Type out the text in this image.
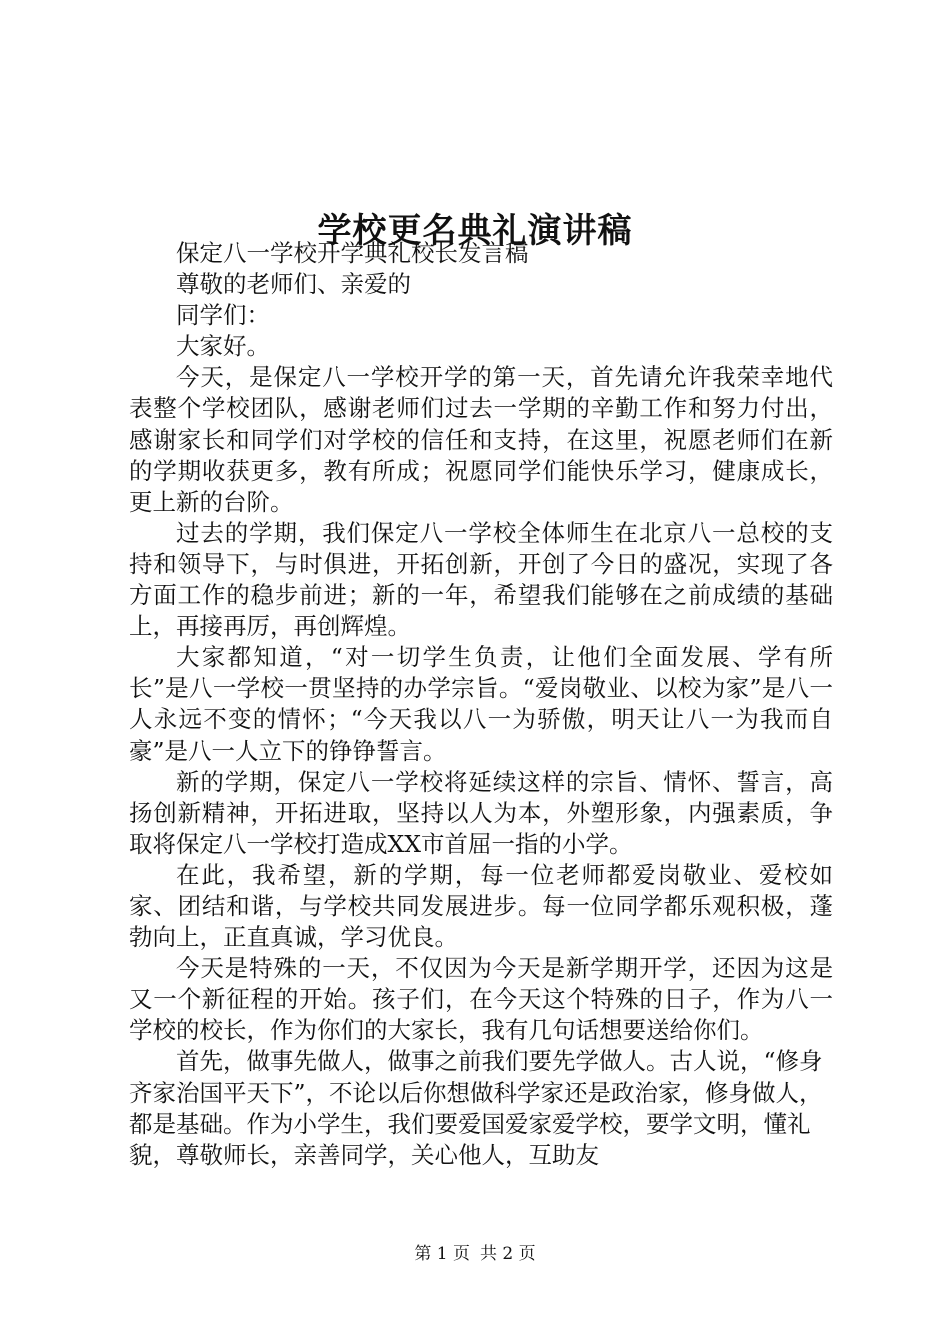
学校更名典礼演讲稿

保定八一学校开学典礼校长发言稿

尊敬的老师们、亲爱的

同学们：

大家好。

今天，是保定八一学校开学的第一天，首先请允许我荣幸地代表整个学校团队，感谢老师们过去一学期的辛勤工作和努力付出，感谢家长和同学们对学校的信任和支持，在这里，祝愿老师们在新的学期收获更多，教有所成；祝愿同学们能快乐学习，健康成长，更上新的台阶。

过去的学期，我们保定八一学校全体师生在北京八一总校的支持和领导下，与时俱进，开拓创新，开创了今日的盛况，实现了各方面工作的稳步前进；新的一年，希望我们能够在之前成绩的基础上，再接再厉，再创辉煌。

大家都知道，“对一切学生负责，让他们全面发展、学有所长”是八一学校一贯坚持的办学宗旨。“爱岗敬业、以校为家”是八一人永远不变的情怀；“今天我以八一为骄傲，明天让八一为我而自豪”是八一人立下的铮铮誓言。

新的学期，保定八一学校将延续这样的宗旨、情怀、誓言，高扬创新精神，开拓进取，坚持以人为本，外塑形象，内强素质，争取将保定八一学校打造成XX市首屈一指的小学。

在此，我希望，新的学期，每一位老师都爱岗敬业、爱校如家、团结和谐，与学校共同发展进步。每一位同学都乐观积极，蓬勃向上，正直真诚，学习优良。

今天是特殊的一天，不仅因为今天是新学期开学，还因为这是又一个新征程的开始。孩子们，在今天这个特殊的日子，作为八一学校的校长，作为你们的大家长，我有几句话想要送给你们。

首先，做事先做人，做事之前我们要先学做人。古人说，“修身齐家治国平天下”，不论以后你想做科学家还是政治家，修身做人，都是基础。作为小学生，我们要爱国爱家爱学校，要学文明，懂礼貌，尊敬师长，亲善同学，关心他人，互助友

第 1 页 共 2 页
